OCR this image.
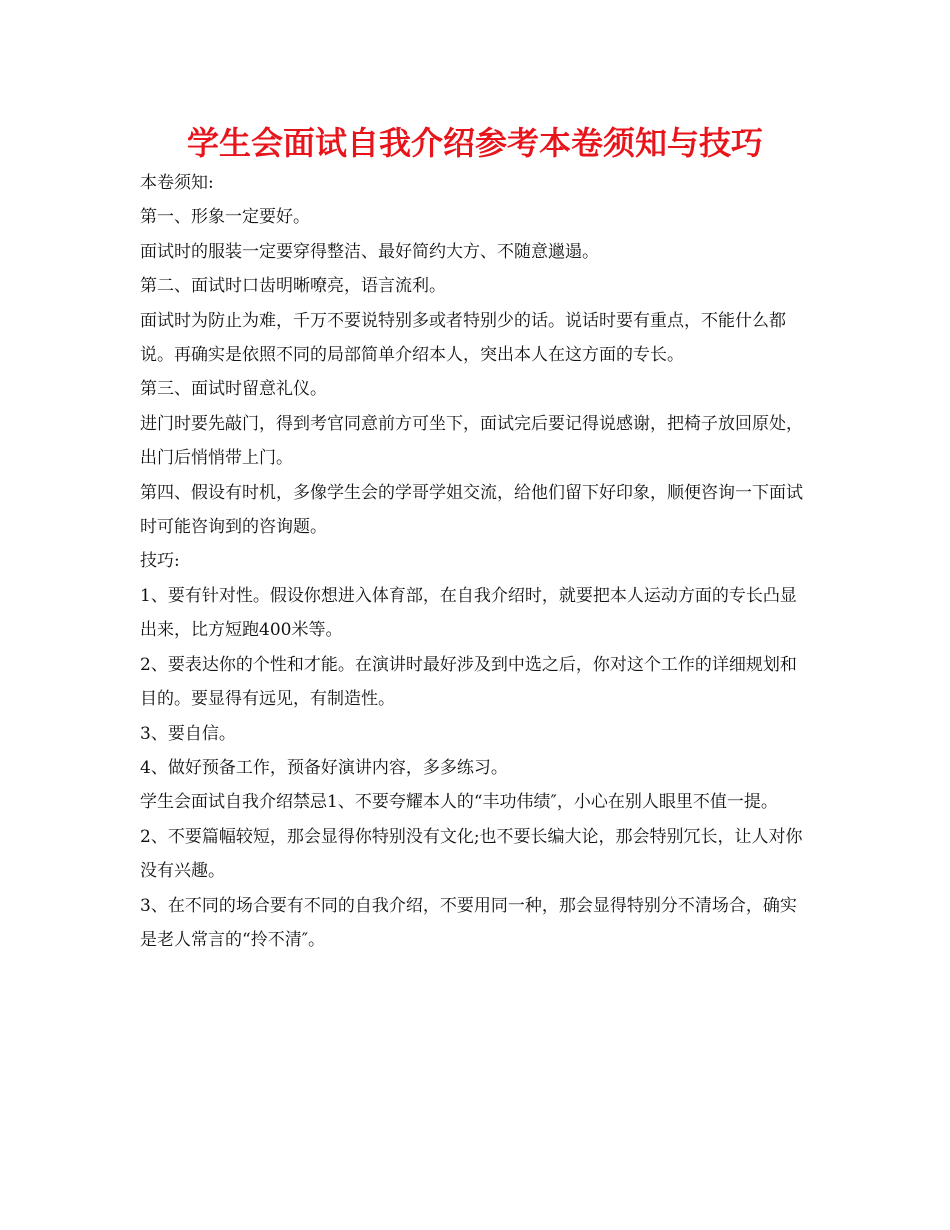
学生会面试自我介绍参考本卷须知与技巧

本卷须知:

第一、形象一定要好。

面试时的服装一定要穿得整洁、最好简约大方、不随意邋遢。

第二、面试时口齿明晰嘹亮，语言流利。

面试时为防止为难，千万不要说特别多或者特别少的话。说话时要有重点，不能什么都说。再确实是依照不同的局部简单介绍本人，突出本人在这方面的专长。

第三、面试时留意礼仪。

进门时要先敲门，得到考官同意前方可坐下，面试完后要记得说感谢，把椅子放回原处，出门后悄悄带上门。

第四、假设有时机，多像学生会的学哥学姐交流，给他们留下好印象，顺便咨询一下面试时可能咨询到的咨询题。

技巧:

1、要有针对性。假设你想进入体育部，在自我介绍时，就要把本人运动方面的专长凸显出来，比方短跑400米等。

2、要表达你的个性和才能。在演讲时最好涉及到中选之后，你对这个工作的详细规划和目的。要显得有远见，有制造性。

3、要自信。

4、做好预备工作，预备好演讲内容，多多练习。

学生会面试自我介绍禁忌1、不要夸耀本人的“丰功伟绩″，小心在别人眼里不值一提。

2、不要篇幅较短，那会显得你特别没有文化;也不要长编大论，那会特别冗长，让人对你没有兴趣。

3、在不同的场合要有不同的自我介绍，不要用同一种，那会显得特别分不清场合，确实是老人常言的“拎不清″。
